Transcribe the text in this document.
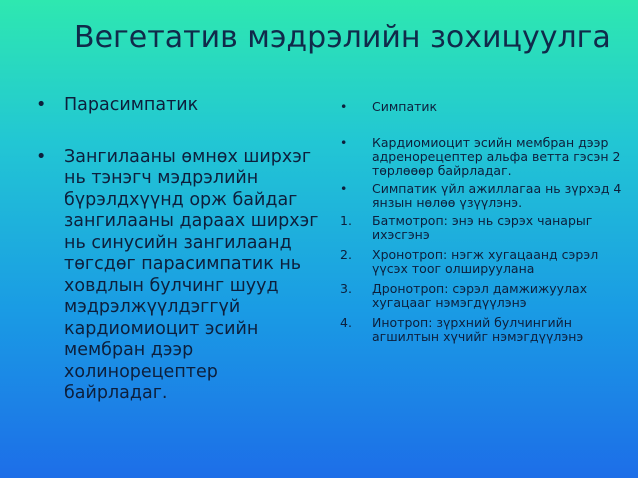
Вегетатив мэдрэлийн зохицуулга
• Парасимпатик
• Зангилааны өмнөх ширхэг нь тэнэгч мэдрэлийн бүрэлдхүүнд орж байдаг зангилааны дараах ширхэг нь синусийн зангилаанд төгсдөг парасимпатик нь ховдлын булчинг шууд мэдрэлжүүлдэггүй кардиомиоцит эсийн мембран дээр холинорецептер байрладаг.
• Симпатик
• Кардиомиоцит эсийн мембран дээр адренорецептер альфа ветта гэсэн 2 төрлөөөр байрладаг.
• Симпатик үйл ажиллагаа нь зүрхэд 4 янзын нөлөө үзүүлэнэ.
1. Батмотроп: энэ нь сэрэх чанарыг ихэсгэнэ
2. Хронотроп: нэгж хугацаанд сэрэл үүсэх тоог олшируулана
3. Дронотроп: сэрэл дамжижуулах хугацааг нэмэгдүүлэнэ
4. Инотроп: зүрхний булчингийн агшилтын хүчийг нэмэгдүүлэнэ
